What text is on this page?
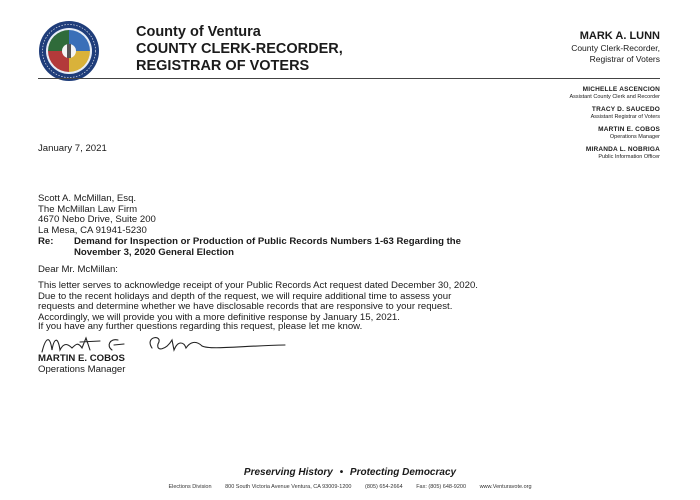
County of Ventura
COUNTY CLERK-RECORDER,
REGISTRAR OF VOTERS
MARK A. LUNN
County Clerk-Recorder,
Registrar of Voters
MICHELLE ASCENCION
Assistant County Clerk and Recorder
TRACY D. SAUCEDO
Assistant Registrar of Voters
MARTIN E. COBOS
Operations Manager
MIRANDA L. NOBRIGA
Public Information Officer
January 7, 2021
Scott A. McMillan, Esq.
The McMillan Law Firm
4670 Nebo Drive, Suite 200
La Mesa, CA 91941-5230
Re: Demand for Inspection or Production of Public Records Numbers 1-63 Regarding the
November 3, 2020 General Election
Dear Mr. McMillan:
This letter serves to acknowledge receipt of your Public Records Act request dated December 30, 2020.
Due to the recent holidays and depth of the request, we will require additional time to assess your
requests and determine whether we have disclosable records that are responsive to your request.
Accordingly, we will provide you with a more definitive response by January 15, 2021.
If you have any further questions regarding this request, please let me know.
MARTIN E. COBOS
Operations Manager
Preserving History • Protecting Democracy
Elections Division 800 South Victoria Avenue Ventura, CA 93009-1200 (805) 654-2664 Fax: (805) 648-9200 www.Venturavote.org
